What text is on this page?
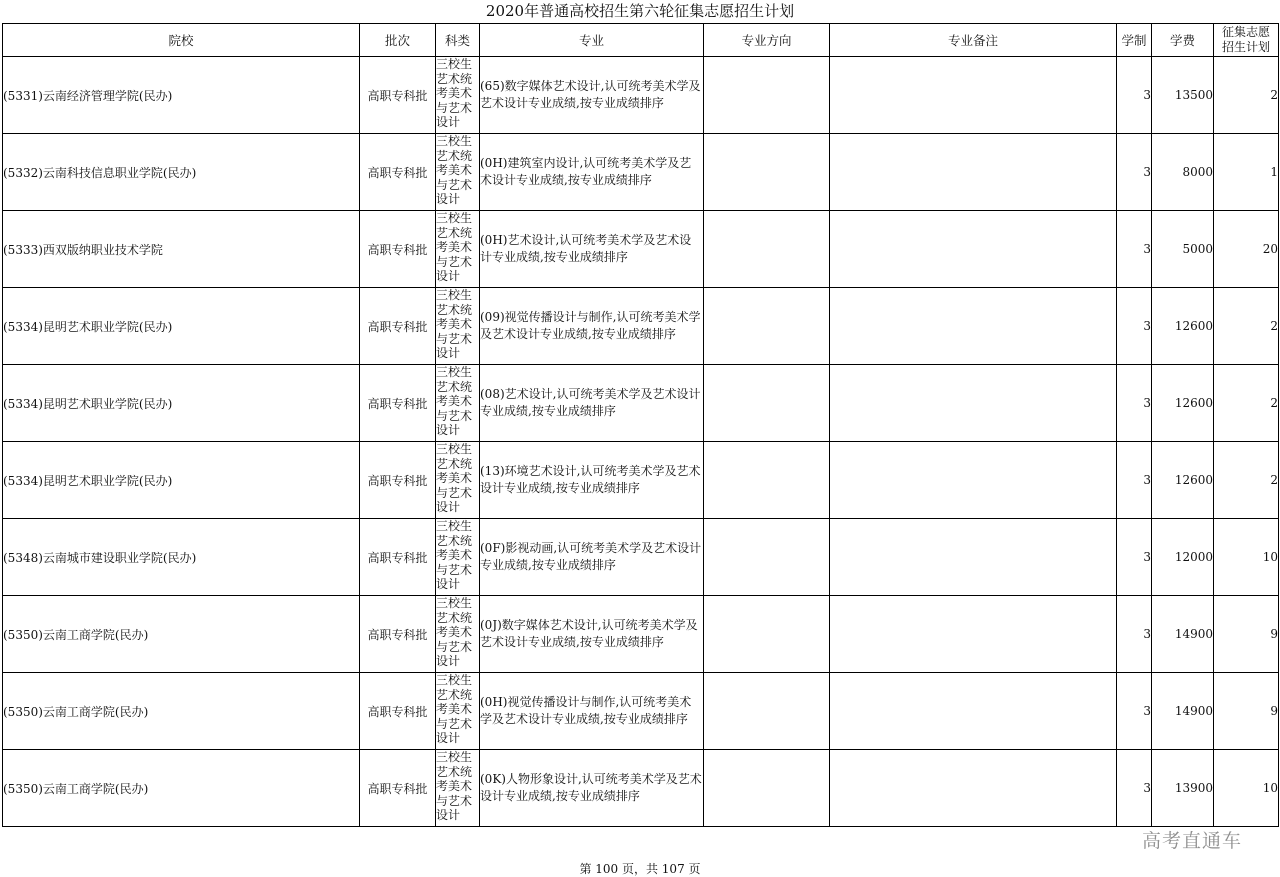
2020年普通高校招生第六轮征集志愿招生计划
院校	批次	科类	专业	专业方向	专业备注	学制	学费	征集志愿
招生计划
(5331)云南经济管理学院(民办)	高职专科批	三校生艺术统考美术与艺术设计	(65)数字媒体艺术设计,认可统考美术学及艺术设计专业成绩,按专业成绩排序			3	13500	2
(5332)云南科技信息职业学院(民办)	高职专科批	三校生艺术统考美术与艺术设计	(0H)建筑室内设计,认可统考美术学及艺术设计专业成绩,按专业成绩排序			3	8000	1
(5333)西双版纳职业技术学院	高职专科批	三校生艺术统考美术与艺术设计	(0H)艺术设计,认可统考美术学及艺术设计专业成绩,按专业成绩排序			3	5000	20
(5334)昆明艺术职业学院(民办)	高职专科批	三校生艺术统考美术与艺术设计	(09)视觉传播设计与制作,认可统考美术学及艺术设计专业成绩,按专业成绩排序			3	12600	2
(5334)昆明艺术职业学院(民办)	高职专科批	三校生艺术统考美术与艺术设计	(08)艺术设计,认可统考美术学及艺术设计专业成绩,按专业成绩排序			3	12600	2
(5334)昆明艺术职业学院(民办)	高职专科批	三校生艺术统考美术与艺术设计	(13)环境艺术设计,认可统考美术学及艺术设计专业成绩,按专业成绩排序			3	12600	2
(5348)云南城市建设职业学院(民办)	高职专科批	三校生艺术统考美术与艺术设计	(0F)影视动画,认可统考美术学及艺术设计专业成绩,按专业成绩排序			3	12000	10
(5350)云南工商学院(民办)	高职专科批	三校生艺术统考美术与艺术设计	(0J)数字媒体艺术设计,认可统考美术学及艺术设计专业成绩,按专业成绩排序			3	14900	9
(5350)云南工商学院(民办)	高职专科批	三校生艺术统考美术与艺术设计	(0H)视觉传播设计与制作,认可统考美术学及艺术设计专业成绩,按专业成绩排序			3	14900	9
(5350)云南工商学院(民办)	高职专科批	三校生艺术统考美术与艺术设计	(0K)人物形象设计,认可统考美术学及艺术设计专业成绩,按专业成绩排序			3	13900	10
高考直通车
第 100 页，共 107 页
